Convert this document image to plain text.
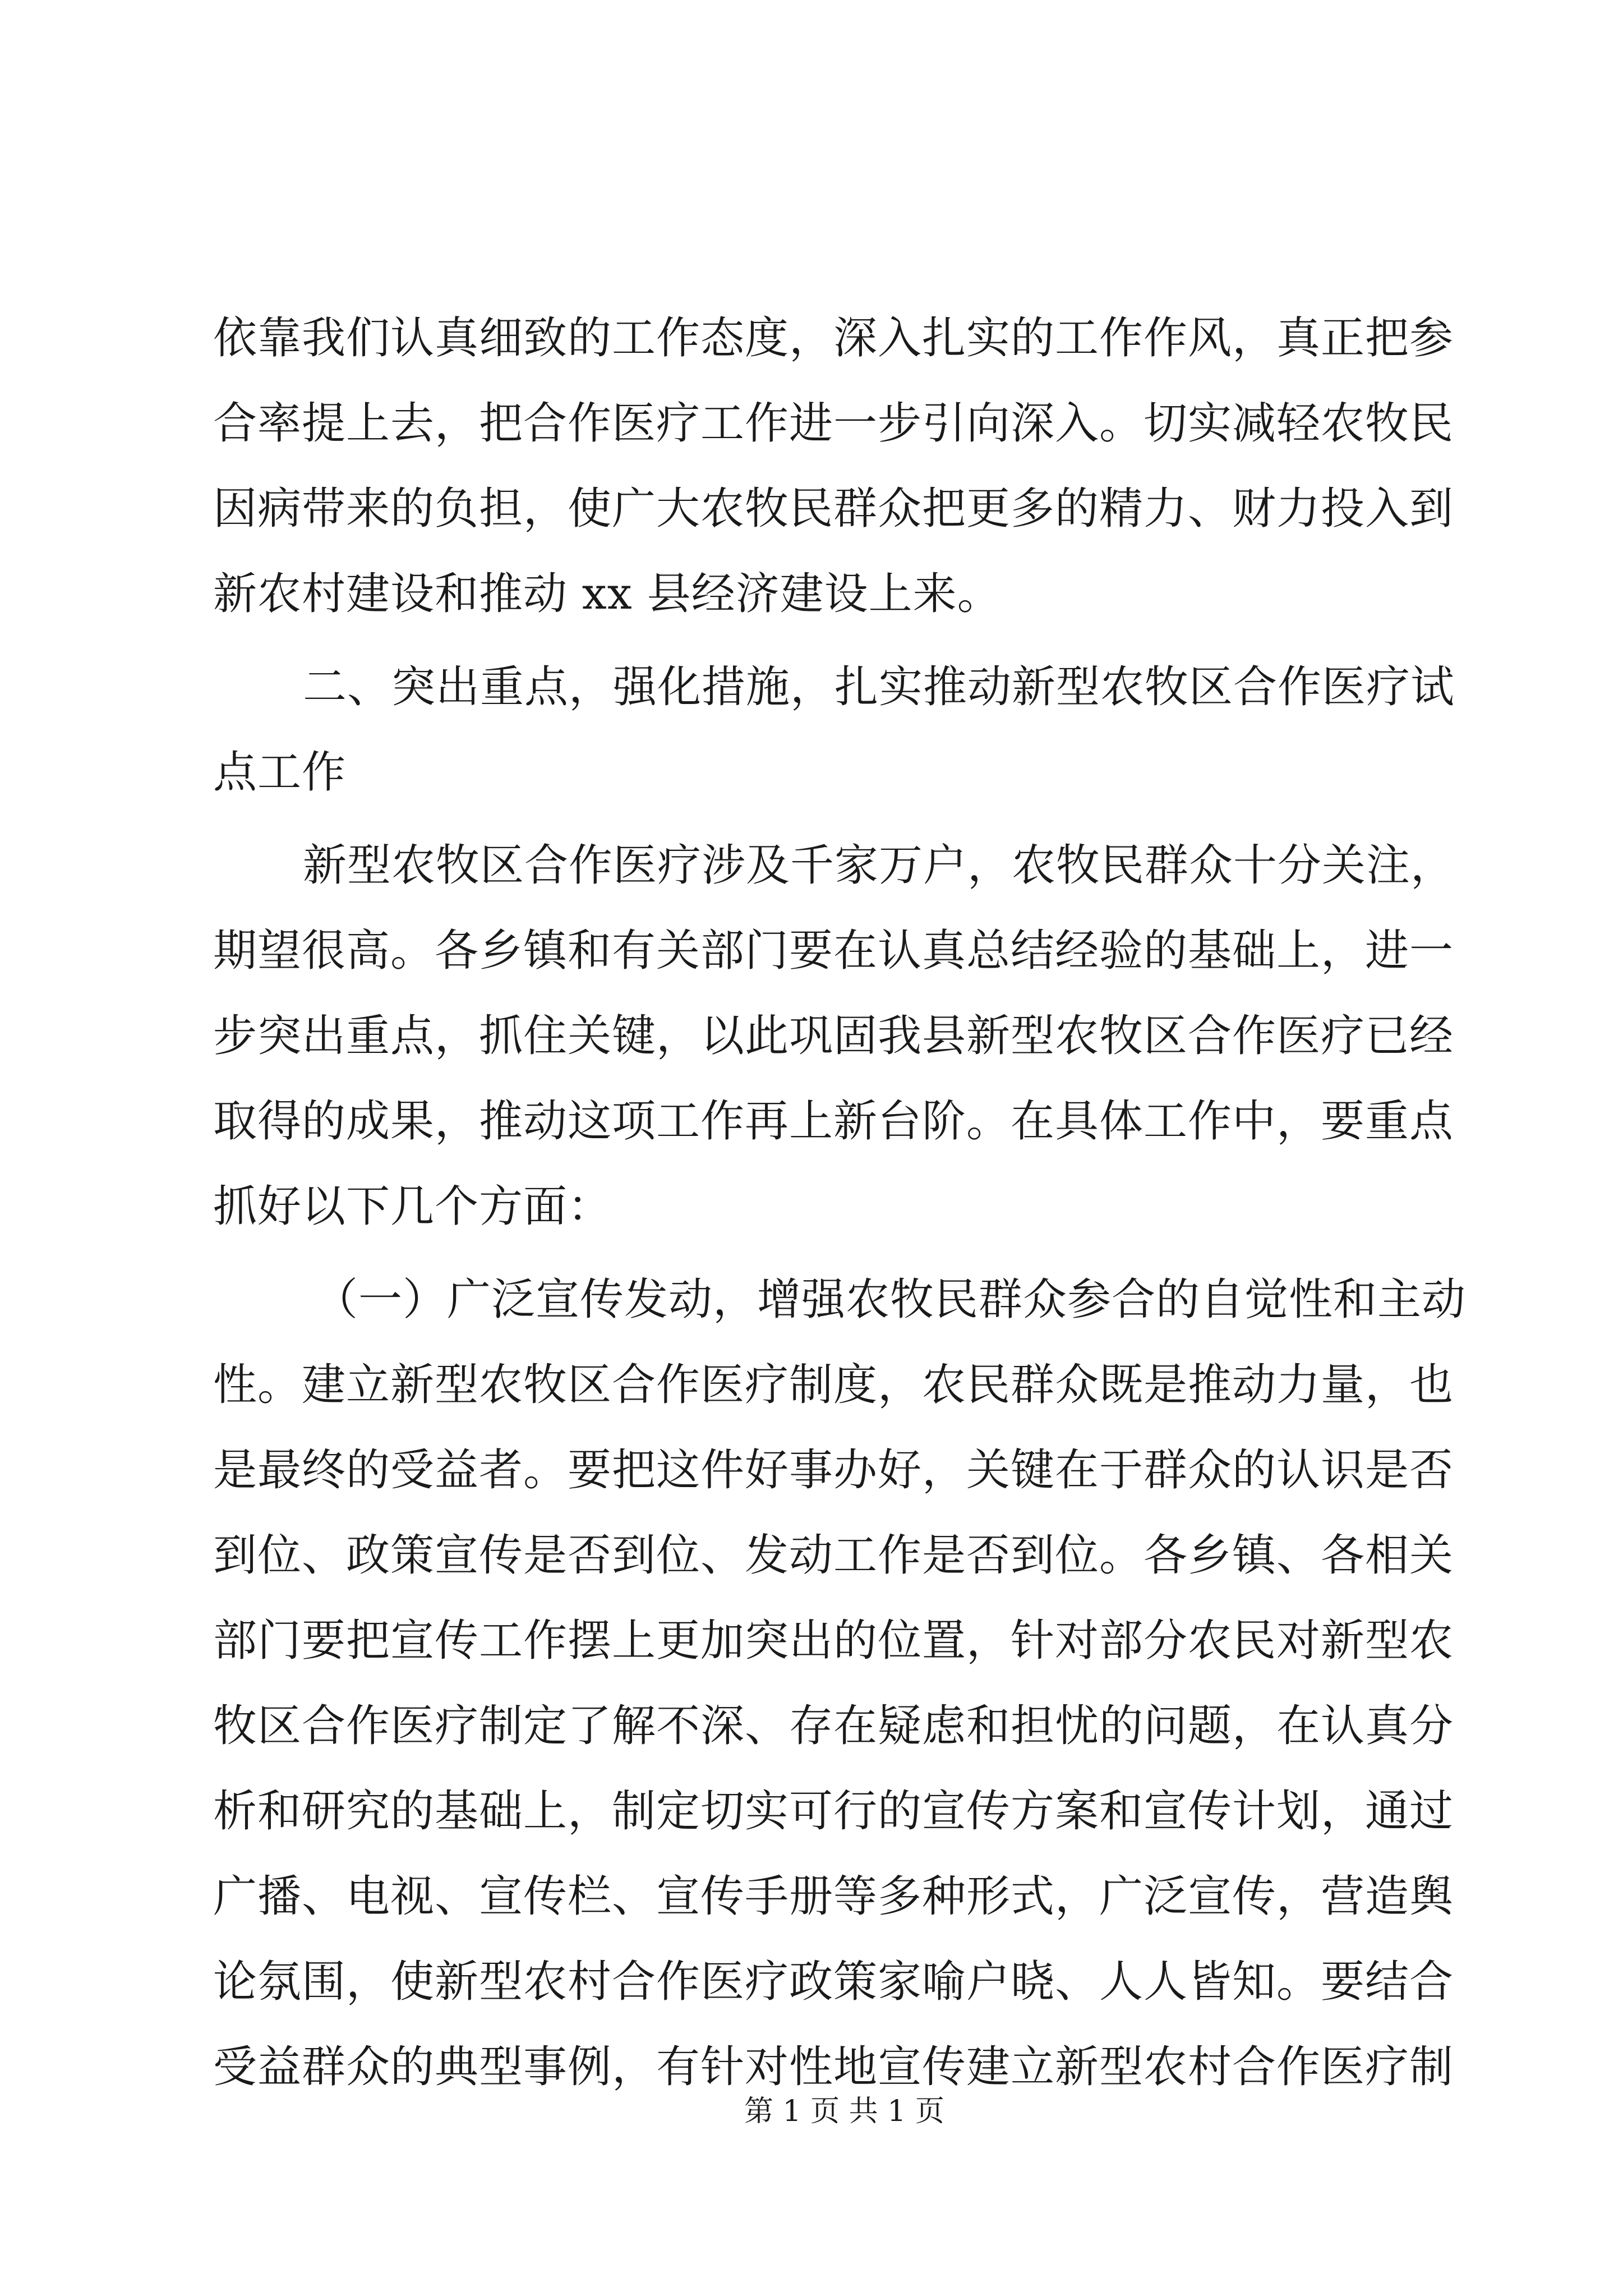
依靠我们认真细致的工作态度，深入扎实的工作作风，真正把参
合率提上去，把合作医疗工作进一步引向深入。切实减轻农牧民
因病带来的负担，使广大农牧民群众把更多的精力、财力投入到
新农村建设和推动 xx 县经济建设上来。
二、突出重点，强化措施，扎实推动新型农牧区合作医疗试
点工作
新型农牧区合作医疗涉及千家万户，农牧民群众十分关注，
期望很高。各乡镇和有关部门要在认真总结经验的基础上，进一
步突出重点，抓住关键，以此巩固我县新型农牧区合作医疗已经
取得的成果，推动这项工作再上新台阶。在具体工作中，要重点
抓好以下几个方面：
（一）广泛宣传发动，增强农牧民群众参合的自觉性和主动
性。建立新型农牧区合作医疗制度，农民群众既是推动力量，也
是最终的受益者。要把这件好事办好，关键在于群众的认识是否
到位、政策宣传是否到位、发动工作是否到位。各乡镇、各相关
部门要把宣传工作摆上更加突出的位置，针对部分农民对新型农
牧区合作医疗制定了解不深、存在疑虑和担忧的问题，在认真分
析和研究的基础上，制定切实可行的宣传方案和宣传计划，通过
广播、电视、宣传栏、宣传手册等多种形式，广泛宣传，营造舆
论氛围，使新型农村合作医疗政策家喻户晓、人人皆知。要结合
受益群众的典型事例，有针对性地宣传建立新型农村合作医疗制
第 1 页 共 1 页
